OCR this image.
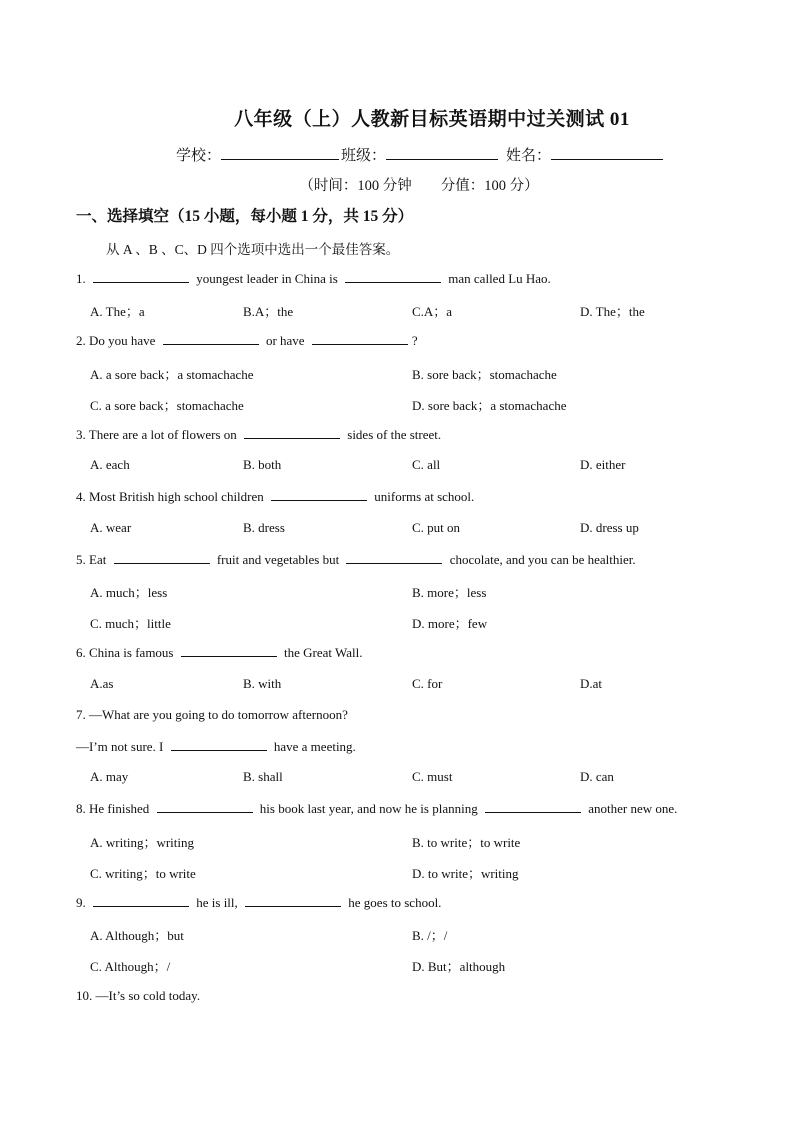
八年级（上）人教新目标英语期中过关测试 01
学校：	班级：	姓名：
（时间：100 分钟        分值：100 分）
一、选择填空（15 小题，每小题 1 分，共 15 分）
从 A 、B 、C、D 四个选项中选出一个最佳答案。
1.	youngest leader in China is	man called Lu Hao.
A. The；a	B.A；the	C.A；a	D. The；the
2. Do you have	or have	?
A. a sore back；a stomachache	B. sore back；stomachache
C. a sore back；stomachache	D. sore back；a stomachache
3. There are a lot of flowers on	sides of the street.
A. each	B. both	C. all	D. either
4. Most British high school children	uniforms at school.
A. wear	B. dress	C. put on	D. dress up
5. Eat	fruit and vegetables but	chocolate, and you can be healthier.
A. much；less	B. more；less
C. much；little	D. more；few
6. China is famous	the Great Wall.
A.as	B. with	C. for	D.at
7. —What are you going to do tomorrow afternoon?
—I’m not sure. I	have a meeting.
A. may	B. shall	C. must	D. can
8. He finished	his book last year, and now he is planning	another new one.
A. writing；writing	B. to write；to write
C. writing；to write	D. to write；writing
9.	he is ill,	he goes to school.
A. Although；but	B. /；/
C. Although；/	D. But；although
10. —It’s so cold today.
